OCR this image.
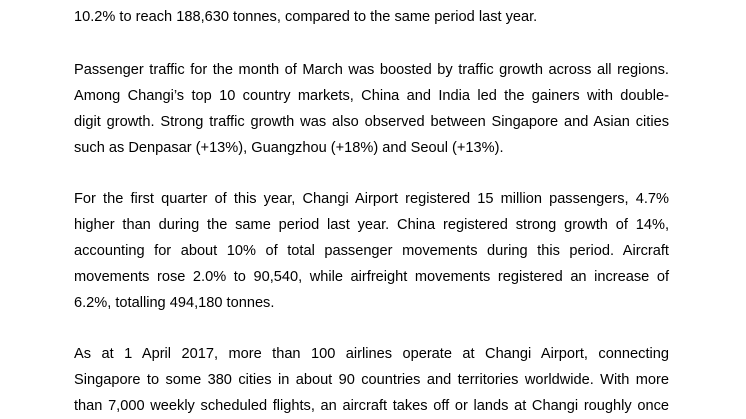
10.2% to reach 188,630 tonnes, compared to the same period last year.

Passenger traffic for the month of March was boosted by traffic growth across all regions.

Among Changi’s top 10 country markets, China and India led the gainers with double-

digit growth. Strong traffic growth was also observed between Singapore and Asian cities

such as Denpasar (+13%), Guangzhou (+18%) and Seoul (+13%).

For the first quarter of this year, Changi Airport registered 15 million passengers, 4.7%

higher than during the same period last year. China registered strong growth of 14%,

accounting for about 10% of total passenger movements during this period. Aircraft

movements rose 2.0% to 90,540, while airfreight movements registered an increase of

6.2%, totalling 494,180 tonnes.

As at 1 April 2017, more than 100 airlines operate at Changi Airport, connecting

Singapore to some 380 cities in about 90 countries and territories worldwide. With more

than 7,000 weekly scheduled flights, an aircraft takes off or lands at Changi roughly once
